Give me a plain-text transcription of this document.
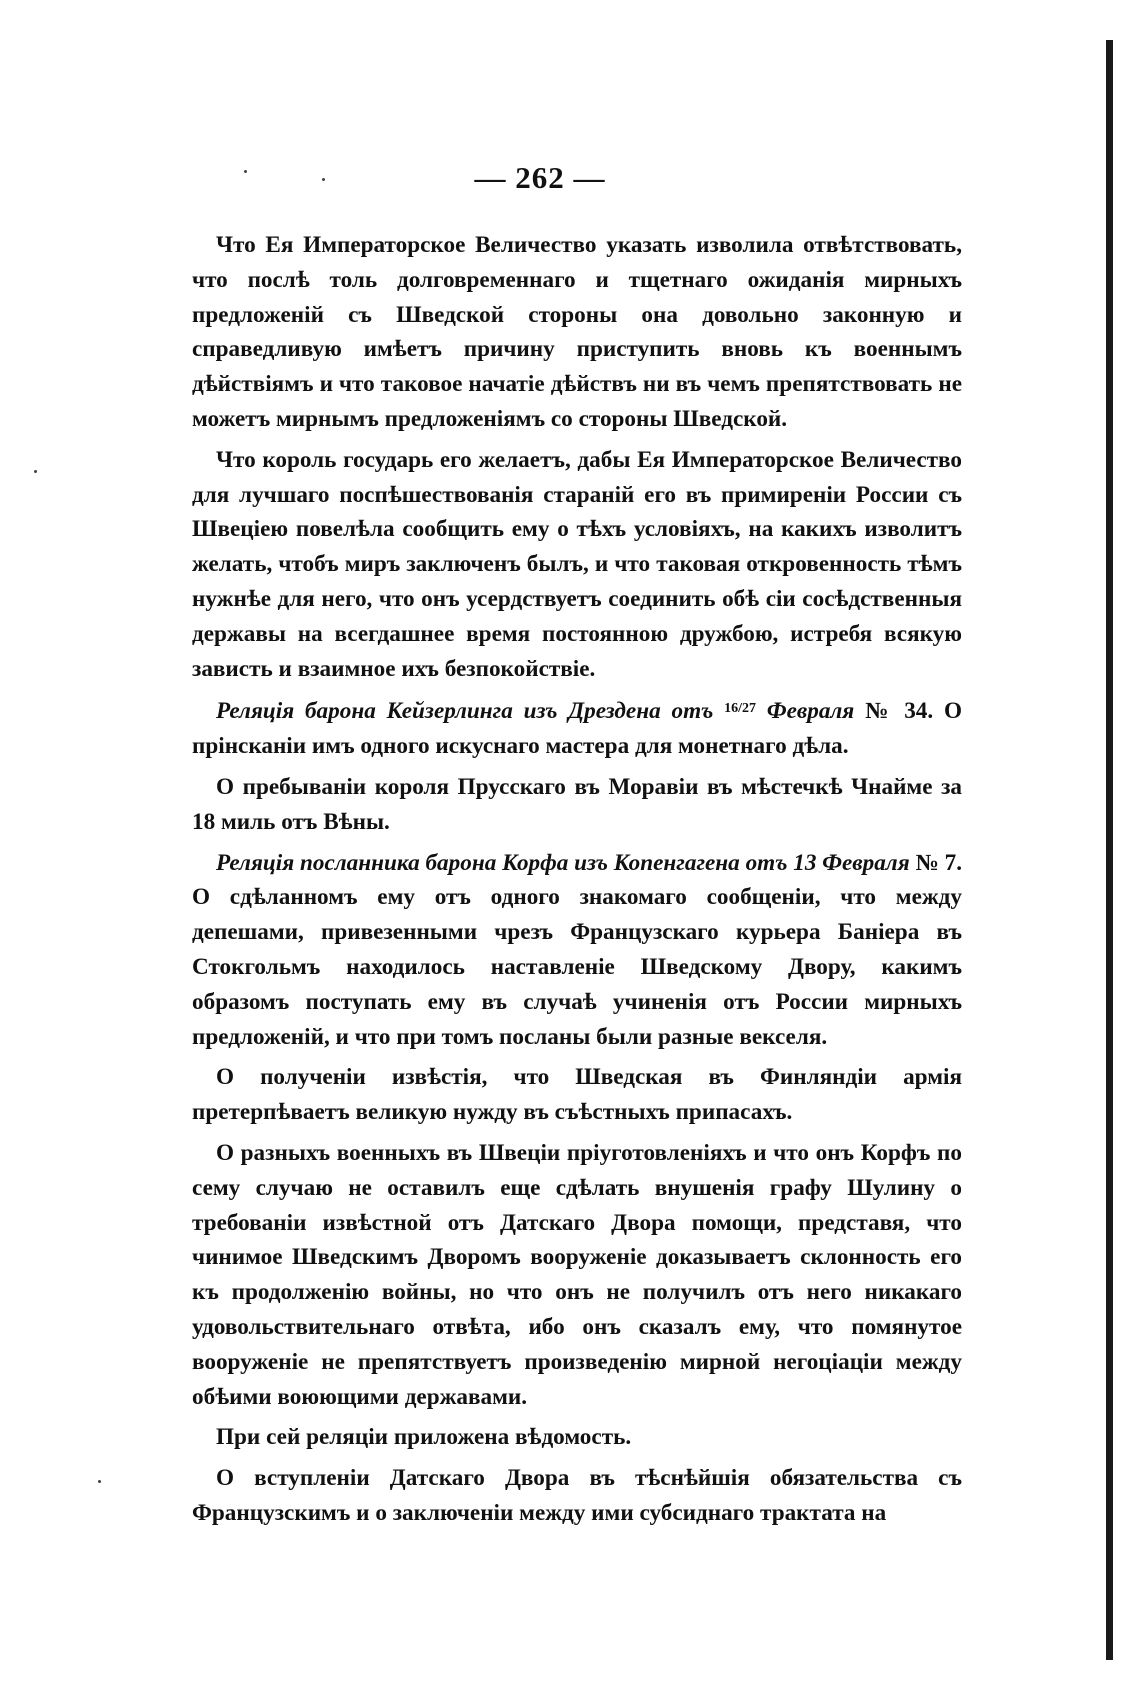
— 262 —

Что Ея Императорское Величество указать изволила отвѣтствовать, что послѣ толь долговременнаго и тщетнаго ожиданія мирныхъ предложеній съ Шведской стороны она довольно законную и справедливую имѣетъ причину приступить вновь къ военнымъ дѣйствіямъ и что таковое начатіе дѣйствъ ни въ чемъ препятствовать не можетъ мирнымъ предложеніямъ со стороны Шведской.

Что король государь его желаетъ, дабы Ея Императорское Величество для лучшаго поспѣшествованія стараній его въ примиреніи России съ Швеціею повелѣла сообщить ему о тѣхъ условіяхъ, на какихъ изволитъ желать, чтобъ миръ заключенъ былъ, и что таковая откровенность тѣмъ нужнѣе для него, что онъ усердствуетъ соединить обѣ сіи сосѣдственныя державы на всегдашнее время постоянною дружбою, истребя всякую зависть и взаимное ихъ безпокойствіе.

Реляція барона Кейзерлинга изъ Дрездена отъ $^{16/27}$ Февраля № 34. О прінсканіи имъ одного искуснаго мастера для монетнаго дѣла.

О пребываніи короля Прусскаго въ Моравіи въ мѣстечкѣ Чнайме за 18 миль отъ Вѣны.

Реляція посланника барона Корфа изъ Копенгагена отъ 13 Февраля № 7. О сдѣланномъ ему отъ одного знакомаго сообщеніи, что между депешами, привезенными чрезъ Французскаго курьера Баніера въ Стокгольмъ находилось наставленіе Шведскому Двору, какимъ образомъ поступать ему въ случаѣ учиненія отъ России мирныхъ предложеній, и что при томъ посланы были разные векселя.

О полученіи извѣстія, что Шведская въ Финляндіи армія претерпѣваетъ великую нужду въ съѣстныхъ припасахъ.

О разныхъ военныхъ въ Швеціи пріуготовленіяхъ и что онъ Корфъ по сему случаю не оставилъ еще сдѣлать внушенія графу Шулину о требованіи извѣстной отъ Датскаго Двора помощи, представя, что чинимое Шведскимъ Дворомъ вооруженіе доказываетъ склонность его къ продолженію войны, но что онъ не получилъ отъ него никакаго удовольствительнаго отвѣта, ибо онъ сказалъ ему, что помянутое вооруженіе не препятствуетъ произведенію мирной негоціаціи между обѣими воюющими державами.

При сей реляціи приложена вѣдомость.

О вступленіи Датскаго Двора въ тѣснѣйшія обязательства съ Французскимъ и о заключеніи между ими субсиднаго трактата на
